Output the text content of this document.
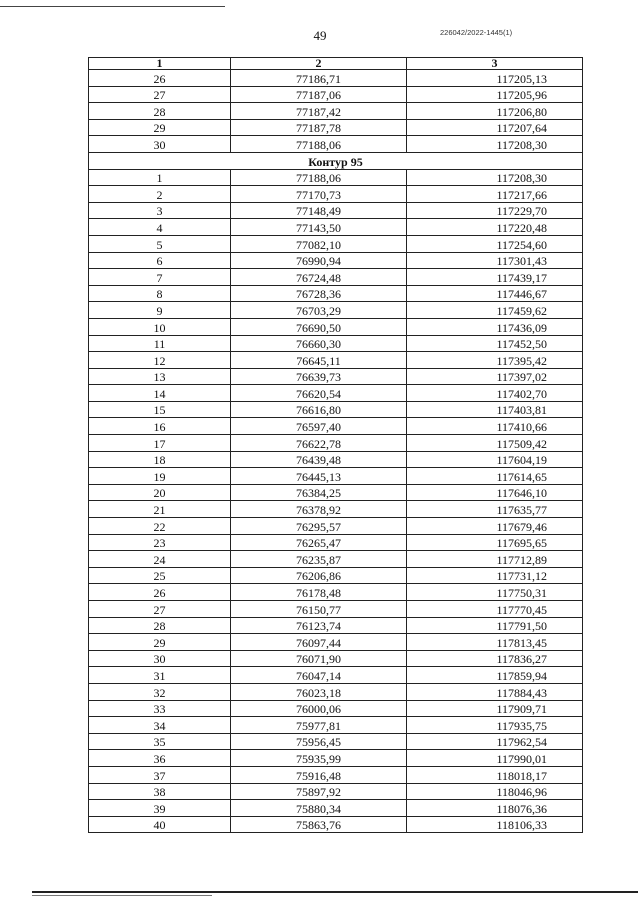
49	226042/2022-1445(1)
1	2	3
26	77186,71	117205,13
27	77187,06	117205,96
28	77187,42	117206,80
29	77187,78	117207,64
30	77188,06	117208,30
Контур 95		
1	77188,06	117208,30
2	77170,73	117217,66
3	77148,49	117229,70
4	77143,50	117220,48
5	77082,10	117254,60
6	76990,94	117301,43
7	76724,48	117439,17
8	76728,36	117446,67
9	76703,29	117459,62
10	76690,50	117436,09
11	76660,30	117452,50
12	76645,11	117395,42
13	76639,73	117397,02
14	76620,54	117402,70
15	76616,80	117403,81
16	76597,40	117410,66
17	76622,78	117509,42
18	76439,48	117604,19
19	76445,13	117614,65
20	76384,25	117646,10
21	76378,92	117635,77
22	76295,57	117679,46
23	76265,47	117695,65
24	76235,87	117712,89
25	76206,86	117731,12
26	76178,48	117750,31
27	76150,77	117770,45
28	76123,74	117791,50
29	76097,44	117813,45
30	76071,90	117836,27
31	76047,14	117859,94
32	76023,18	117884,43
33	76000,06	117909,71
34	75977,81	117935,75
35	75956,45	117962,54
36	75935,99	117990,01
37	75916,48	118018,17
38	75897,92	118046,96
39	75880,34	118076,36
40	75863,76	118106,33
